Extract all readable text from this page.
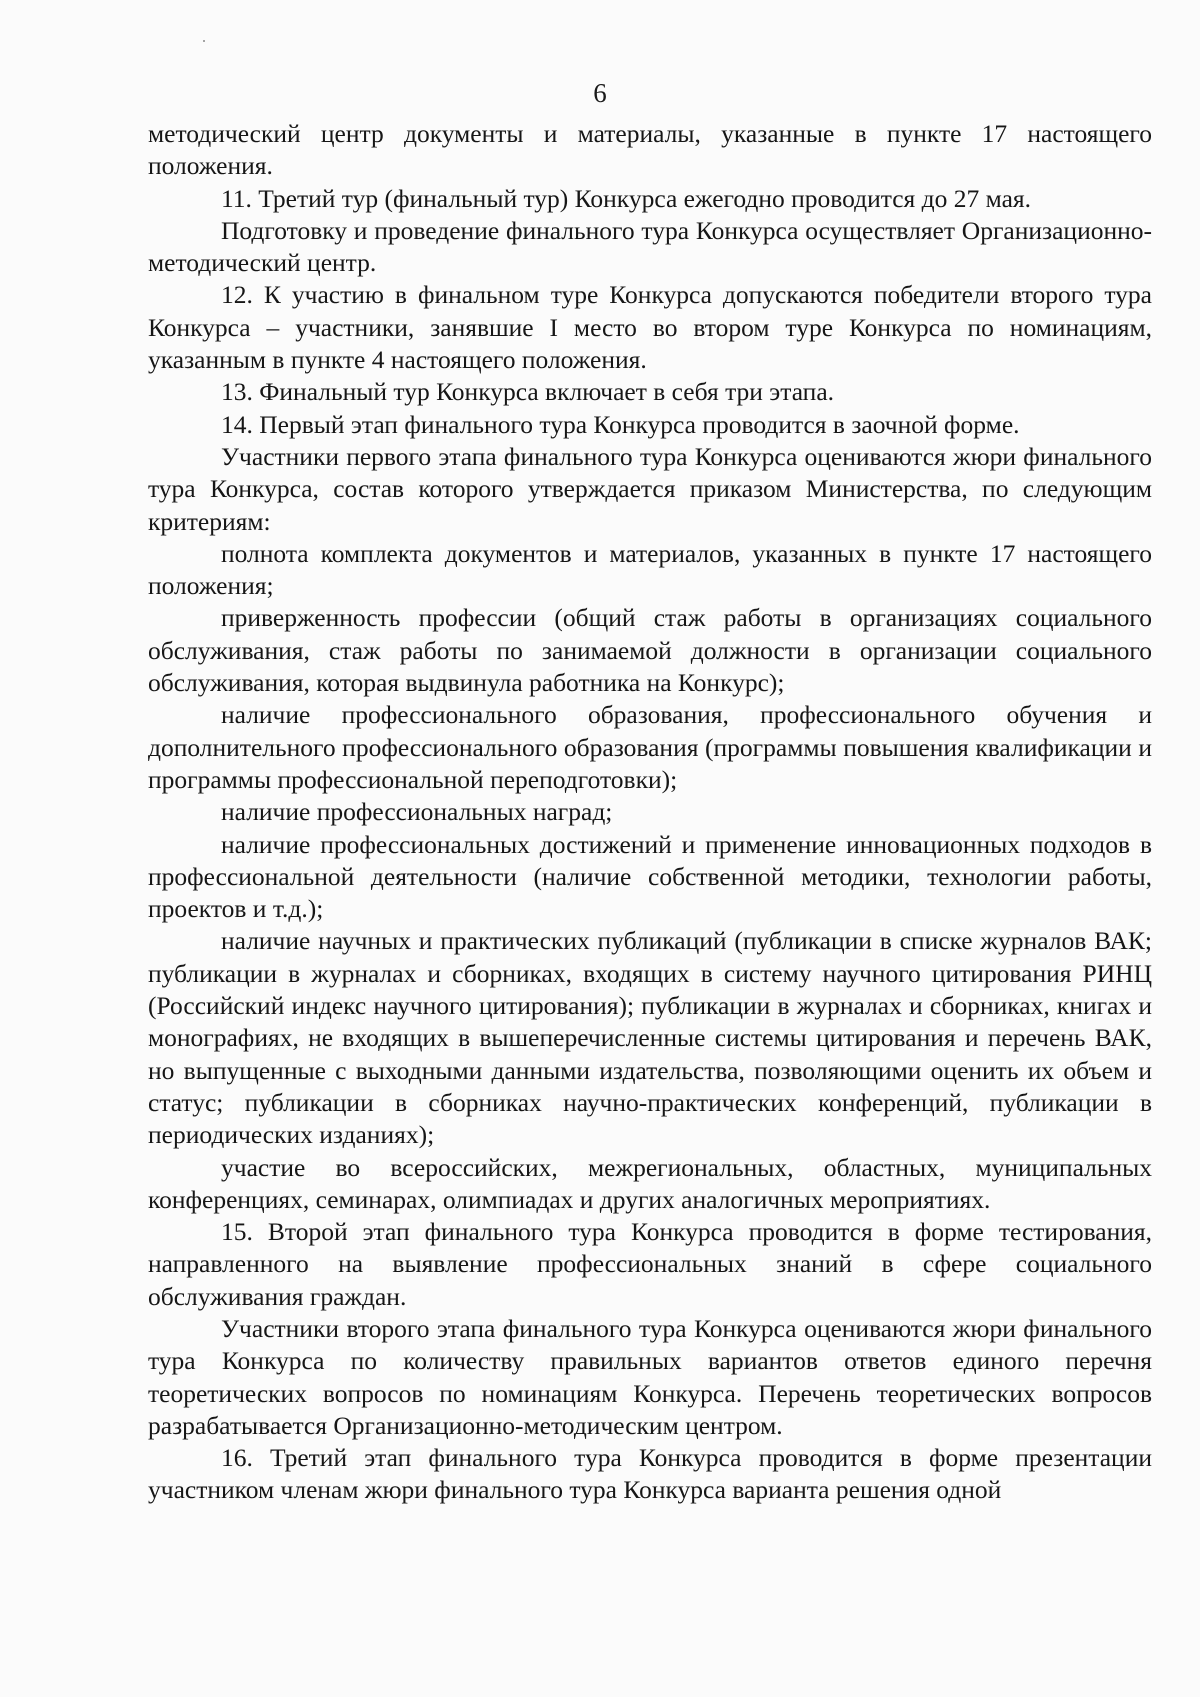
6

методический центр документы и материалы, указанные в пункте 17 настоящего положения.

11. Третий тур (финальный тур) Конкурса ежегодно проводится до 27 мая.

Подготовку и проведение финального тура Конкурса осуществляет Организационно-методический центр.

12. К участию в финальном туре Конкурса допускаются победители второго тура Конкурса – участники, занявшие I место во втором туре Конкурса по номинациям, указанным в пункте 4 настоящего положения.

13. Финальный тур Конкурса включает в себя три этапа.

14. Первый этап финального тура Конкурса проводится в заочной форме.

Участники первого этапа финального тура Конкурса оцениваются жюри финального тура Конкурса, состав которого утверждается приказом Министерства, по следующим критериям:

полнота комплекта документов и материалов, указанных в пункте 17 настоящего положения;

приверженность профессии (общий стаж работы в организациях социального обслуживания, стаж работы по занимаемой должности в организации социального обслуживания, которая выдвинула работника на Конкурс);

наличие профессионального образования, профессионального обучения и дополнительного профессионального образования (программы повышения квалификации и программы профессиональной переподготовки);

наличие профессиональных наград;

наличие профессиональных достижений и применение инновационных подходов в профессиональной деятельности (наличие собственной методики, технологии работы, проектов и т.д.);

наличие научных и практических публикаций (публикации в списке журналов ВАК; публикации в журналах и сборниках, входящих в систему научного цитирования РИНЦ (Российский индекс научного цитирования); публикации в журналах и сборниках, книгах и монографиях, не входящих в вышеперечисленные системы цитирования и перечень ВАК, но выпущенные с выходными данными издательства, позволяющими оценить их объем и статус; публикации в сборниках научно-практических конференций, публикации в периодических изданиях);

участие во всероссийских, межрегиональных, областных, муниципальных конференциях, семинарах, олимпиадах и других аналогичных мероприятиях.

15. Второй этап финального тура Конкурса проводится в форме тестирования, направленного на выявление профессиональных знаний в сфере социального обслуживания граждан.

Участники второго этапа финального тура Конкурса оцениваются жюри финального тура Конкурса по количеству правильных вариантов ответов единого перечня теоретических вопросов по номинациям Конкурса. Перечень теоретических вопросов разрабатывается Организационно-методическим центром.

16. Третий этап финального тура Конкурса проводится в форме презентации участником членам жюри финального тура Конкурса варианта решения одной
